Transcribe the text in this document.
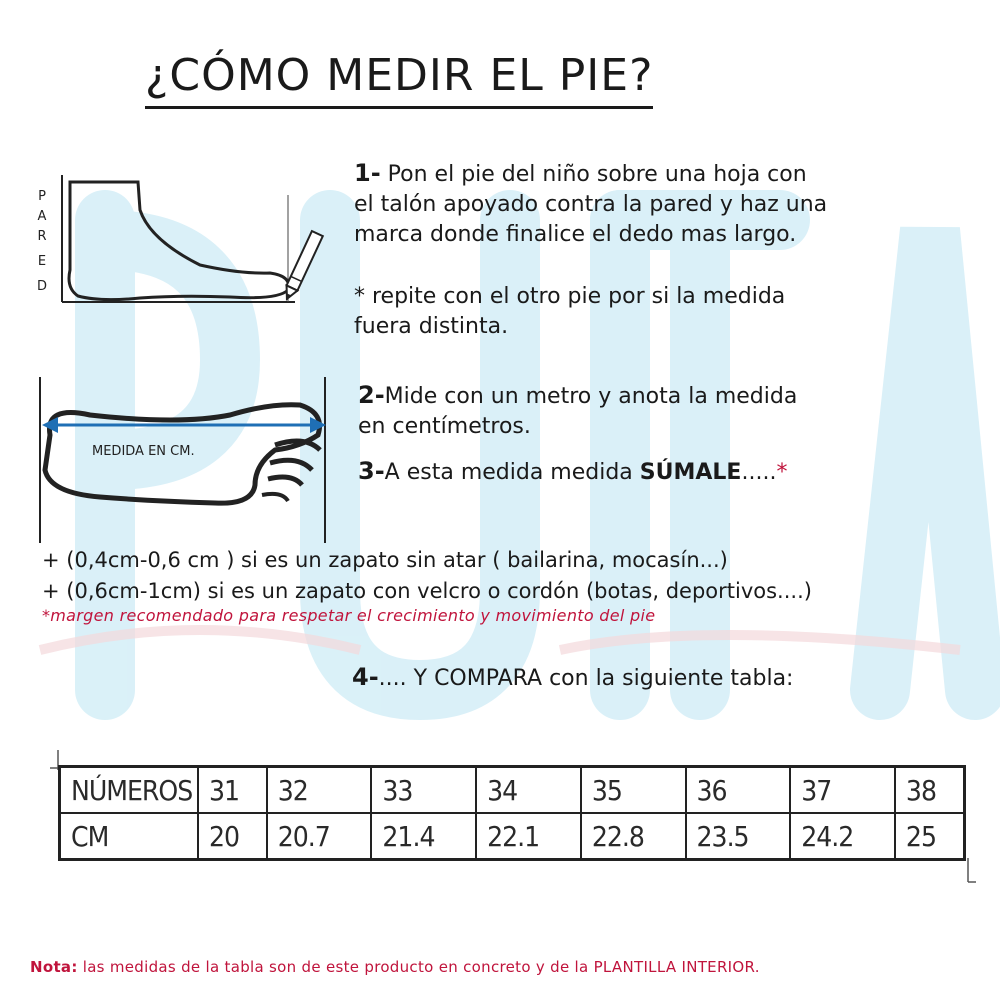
¿CÓMO MEDIR EL PIE?
P
A
R
E
D
1- Pon el pie del niño sobre una hoja con
el talón apoyado contra la pared y haz una
marca donde finalice el dedo mas largo.
* repite con el otro pie por si la medida
fuera distinta.
MEDIDA EN CM.
2-Mide con un metro y anota la medida
en centímetros.
3-A esta medida medida SÚMALE.....*
+ (0,4cm-0,6 cm ) si es un zapato sin atar ( bailarina, mocasín...)
+ (0,6cm-1cm) si es un zapato con velcro o cordón (botas, deportivos....)
*margen recomendado para respetar el crecimiento y movimiento del pie
4-.... Y COMPARA con la siguiente tabla:
NÚMEROS	31	32	33	34	35	36	37	38
CM	20	20.7	21.4	22.1	22.8	23.5	24.2	25
Nota: las medidas de la tabla son de este producto en concreto y de la PLANTILLA INTERIOR.
